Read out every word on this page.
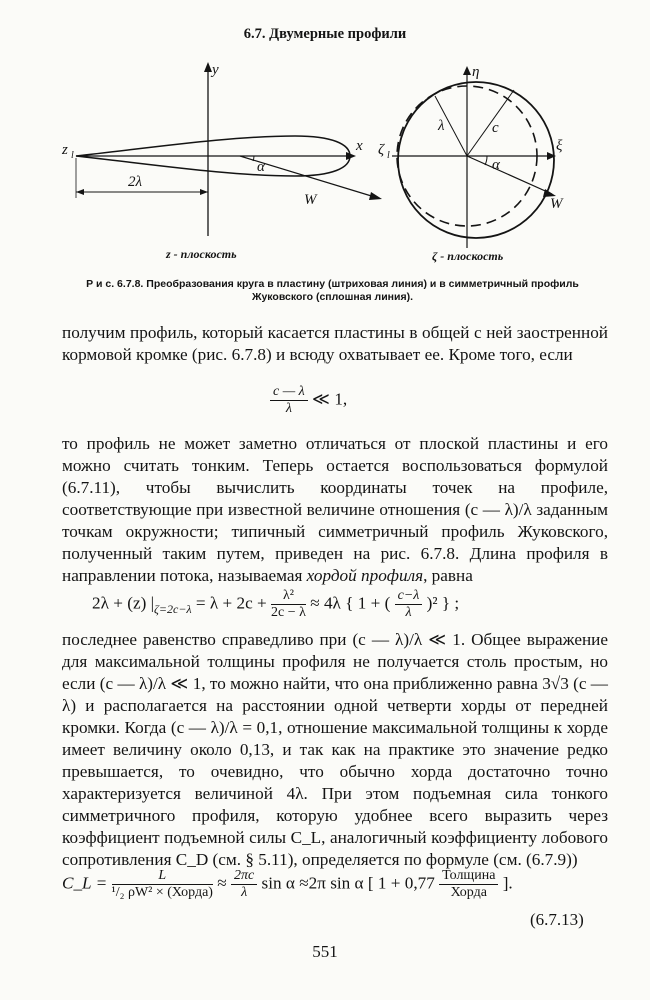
6.7. Двумерные профили
y
z l
x
2λ
α
W
z - плоскость
η
ζ l
ξ
λ	c
α
W
ζ - плоскость
Р и с. 6.7.8. Преобразования круга в пластину (штриховая линия) и в симметричный профиль Жуковского (сплошная линия).
получим профиль, который касается пластины в общей с ней заостренной кормовой кромке (рис. 6.7.8) и всюду охватывает ее. Кроме того, если
$\frac{c — \lambda}{\lambda}$ ≪ 1,
то профиль не может заметно отличаться от плоской пластины и его можно считать тонким. Теперь остается воспользоваться формулой (6.7.11), чтобы вычислить координаты точек на профиле, соответствующие при известной величине отношения (c — λ)/λ заданным точкам окружности; типичный симметричный профиль Жуковского, полученный таким путем, приведен на рис. 6.7.8. Длина профиля в направлении потока, называемая хордой профиля, равна
2λ + (z) $|_{\zeta=2c-\lambda} = \lambda + 2c + \frac{\text{λ²}}{2c - \lambda} \approx 4\lambda$ { 1 + ( $\frac{c-\lambda}{\lambda} )^2$ } ;
последнее равенство справедливо при (c — λ)/λ ≪ 1. Общее выражение для максимальной толщины профиля не получается столь простым, но если (c — λ)/λ ≪ 1, то можно найти, что она приближенно равна 3√3 (c — λ) и располагается на расстоянии одной четверти хорды от передней кромки. Когда (c — λ)/λ = 0,1, отношение максимальной толщины к хорде имеет величину около 0,13, и так как на практике это значение редко превышается, то очевидно, что обычно хорда достаточно точно характеризуется величиной 4λ. При этом подъемная сила тонкого симметричного профиля, которую удобнее всего выразить через коэффициент подъемной силы C_L, аналогичный коэффициенту лобового сопротивления C_D (см. § 5.11), определяется по формуле (см. (6.7.9))
C_L = $\frac{L}{\text{¹/₂ ρW² × (Хорда)}} \approx \frac{2\pi c}{\lambda}$ sin α ≈2π sin α [ $1 + 0,77 \frac{\text{Толщина}}{\text{Хорда}}$ ].
(6.7.13)
551
